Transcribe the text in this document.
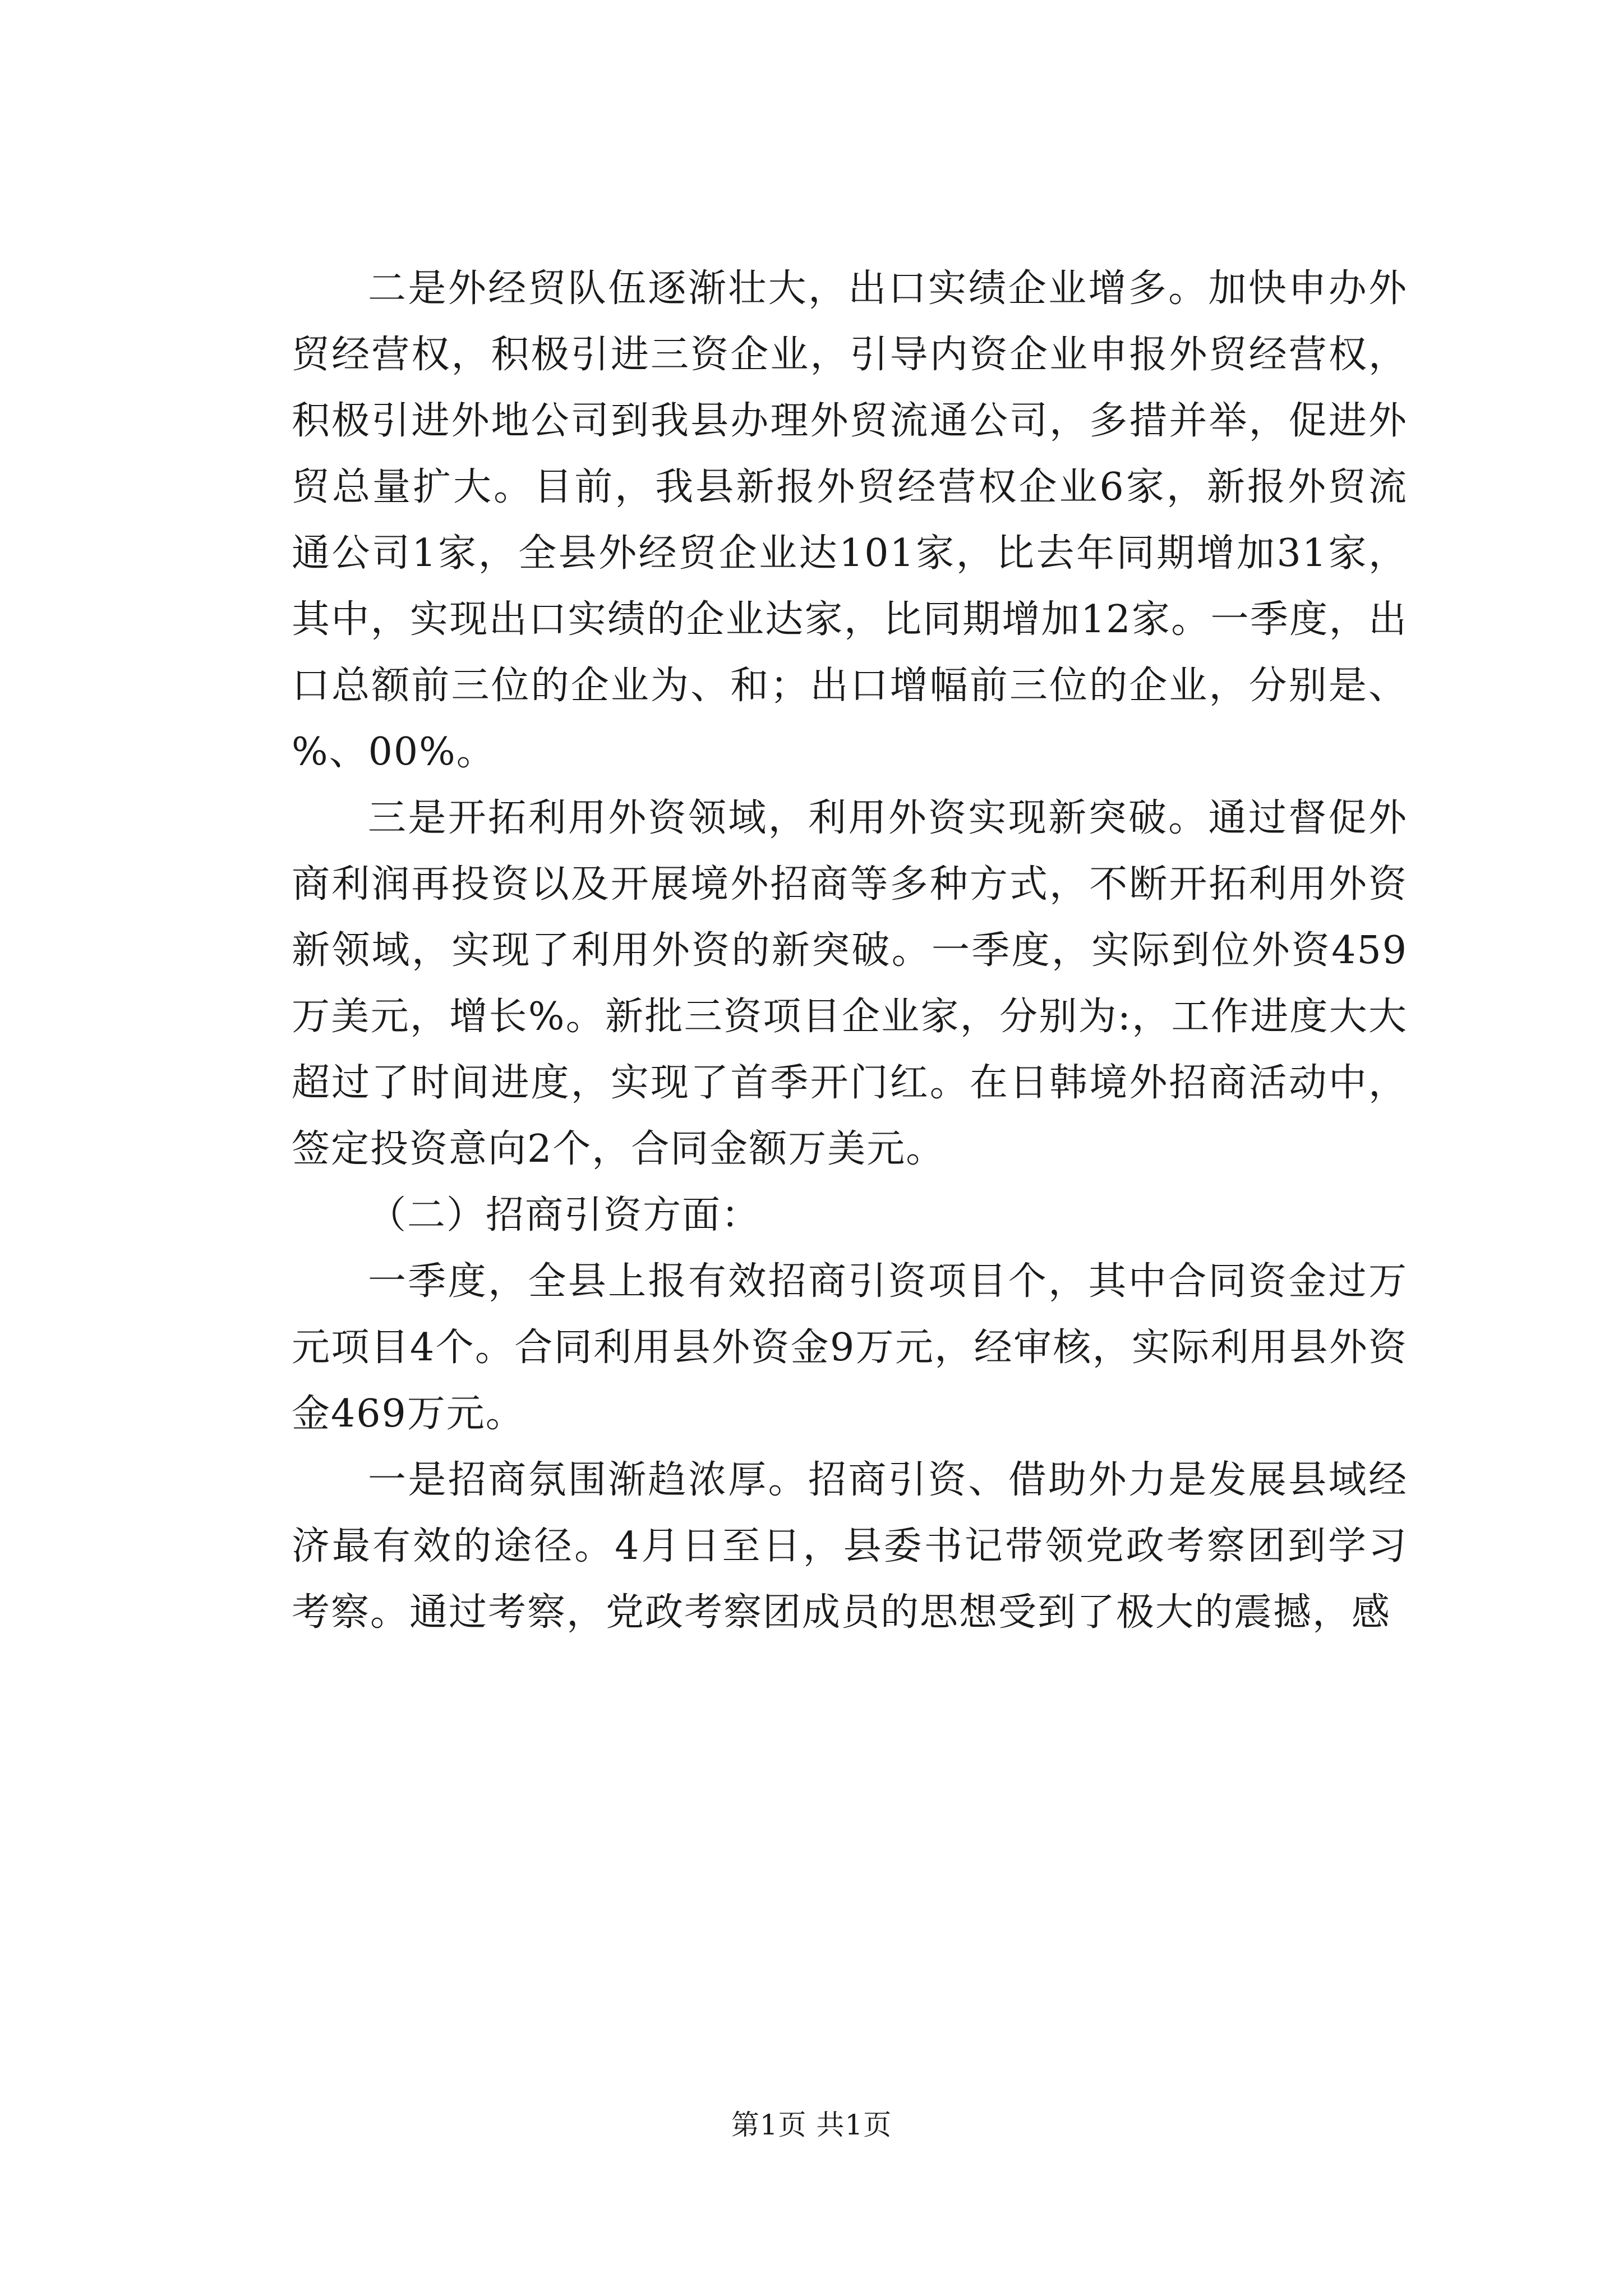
二是外经贸队伍逐渐壮大，出口实绩企业增多。加快申办外贸经营权，积极引进三资企业，引导内资企业申报外贸经营权，积极引进外地公司到我县办理外贸流通公司，多措并举，促进外贸总量扩大。目前，我县新报外贸经营权企业6家，新报外贸流通公司1家，全县外经贸企业达101家，比去年同期增加31家，其中，实现出口实绩的企业达家，比同期增加12家。一季度，出口总额前三位的企业为、和；出口增幅前三位的企业，分别是、%、00%。

三是开拓利用外资领域，利用外资实现新突破。通过督促外商利润再投资以及开展境外招商等多种方式，不断开拓利用外资新领域，实现了利用外资的新突破。一季度，实际到位外资459万美元，增长%。新批三资项目企业家，分别为:，工作进度大大超过了时间进度，实现了首季开门红。在日韩境外招商活动中，签定投资意向2个，合同金额万美元。

（二）招商引资方面：

一季度，全县上报有效招商引资项目个，其中合同资金过万元项目4个。合同利用县外资金9万元，经审核，实际利用县外资金469万元。

一是招商氛围渐趋浓厚。招商引资、借助外力是发展县域经济最有效的途径。4月日至日，县委书记带领党政考察团到学习考察。通过考察，党政考察团成员的思想受到了极大的震撼，感

第1页 共1页
